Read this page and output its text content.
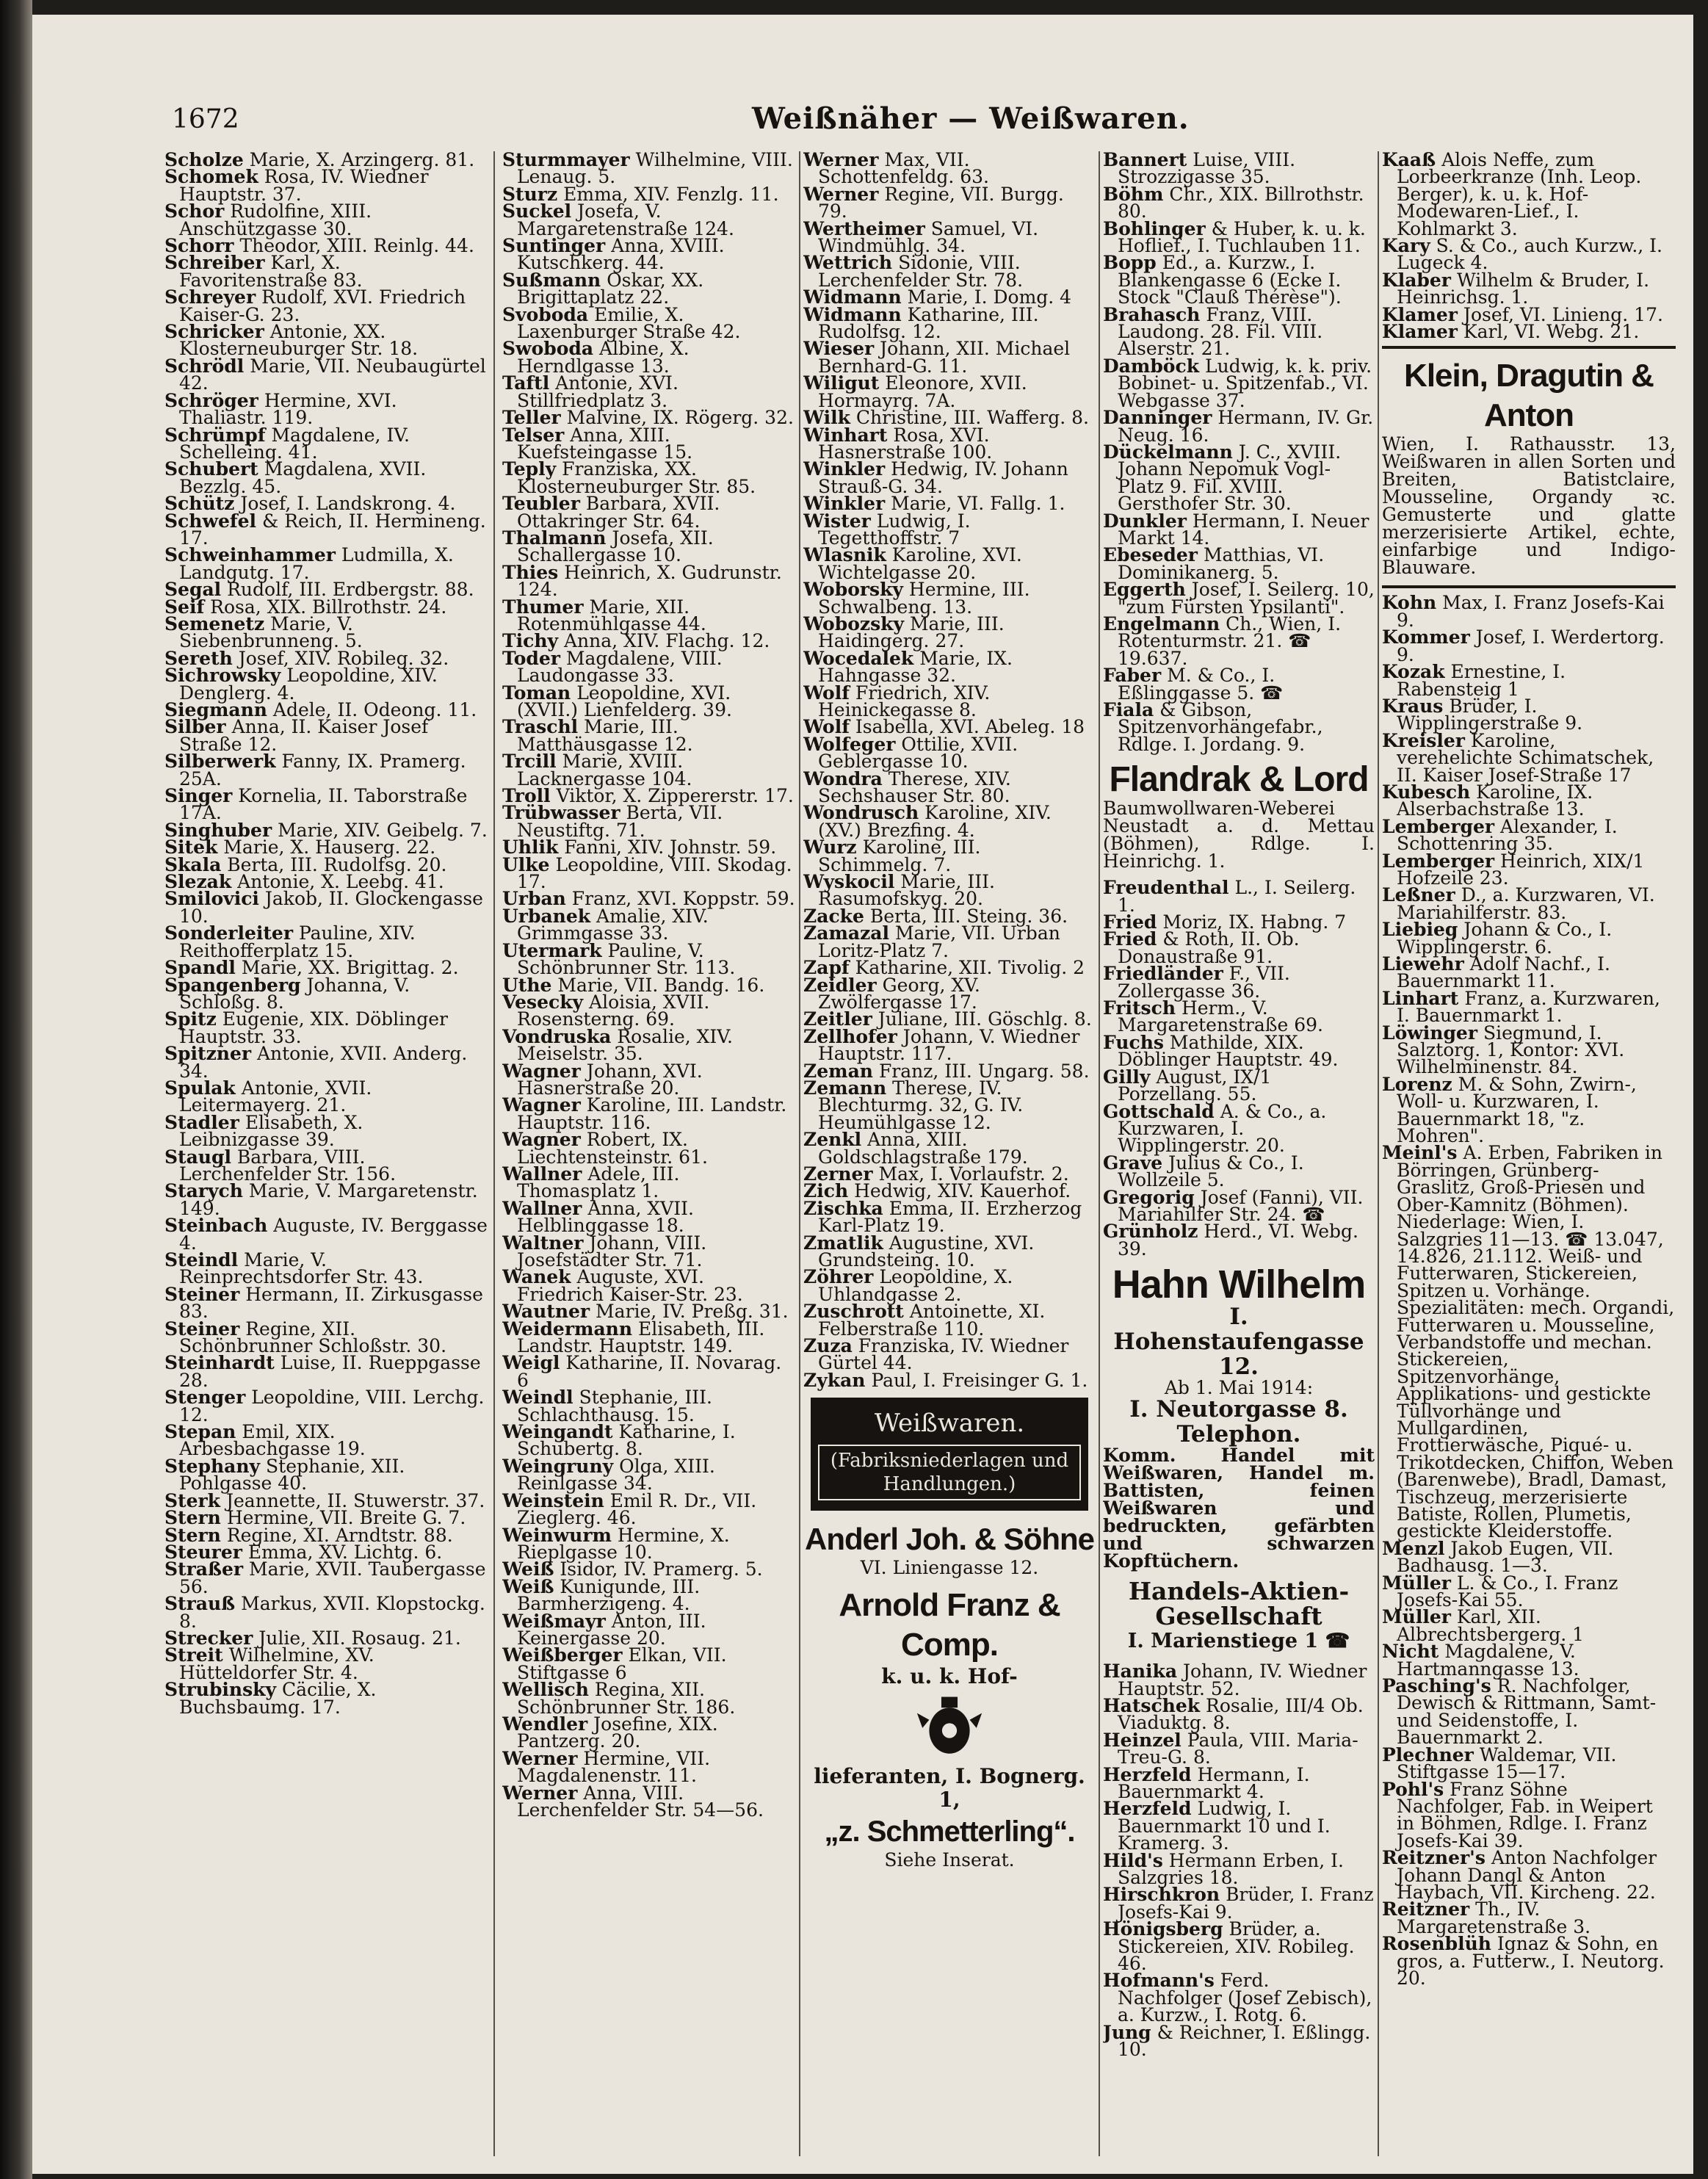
1672	Weißnäher — Weißwaren.

Scholze Marie, X. Arzingerg. 81.

Schomek Rosa, IV. Wiedner Hauptstr. 37.

Schor Rudolfine, XIII. Anschützgasse 30.

Schorr Theodor, XIII. Reinlg. 44.

Schreiber Karl, X. Favoritenstraße 83.

Schreyer Rudolf, XVI. Friedrich Kaiser-G. 23.

Schricker Antonie, XX. Klosterneuburger Str. 18.

Schrödl Marie, VII. Neubaugürtel 42.

Schröger Hermine, XVI. Thaliastr. 119.

Schrümpf Magdalene, IV. Schelleing. 41.

Schubert Magdalena, XVII. Bezzlg. 45.

Schütz Josef, I. Landskrong. 4.

Schwefel & Reich, II. Hermineng. 17.

Schweinhammer Ludmilla, X. Landgutg. 17.

Segal Rudolf, III. Erdbergstr. 88.

Seif Rosa, XIX. Billrothstr. 24.

Semenetz Marie, V. Siebenbrunneng. 5.

Sereth Josef, XIV. Robileg. 32.

Sichrowsky Leopoldine, XIV. Denglerg. 4.

Siegmann Adele, II. Odeong. 11.

Silber Anna, II. Kaiser Josef Straße 12.

Silberwerk Fanny, IX. Pramerg. 25A.

Singer Kornelia, II. Taborstraße 17A.

Singhuber Marie, XIV. Geibelg. 7.

Sitek Marie, X. Hauserg. 22.

Skala Berta, III. Rudolfsg. 20.

Slezak Antonie, X. Leebg. 41.

Smilovici Jakob, II. Glockengasse 10.

Sonderleiter Pauline, XIV. Reithofferplatz 15.

Spandl Marie, XX. Brigittag. 2.

Spangenberg Johanna, V. Schloßg. 8.

Spitz Eugenie, XIX. Döblinger Hauptstr. 33.

Spitzner Antonie, XVII. Anderg. 34.

Spulak Antonie, XVII. Leitermayerg. 21.

Stadler Elisabeth, X. Leibnizgasse 39.

Staugl Barbara, VIII. Lerchenfelder Str. 156.

Starych Marie, V. Margaretenstr. 149.

Steinbach Auguste, IV. Berggasse 4.

Steindl Marie, V. Reinprechtsdorfer Str. 43.

Steiner Hermann, II. Zirkusgasse 83.

Steiner Regine, XII. Schönbrunner Schloßstr. 30.

Steinhardt Luise, II. Rueppgasse 28.

Stenger Leopoldine, VIII. Lerchg. 12.

Stepan Emil, XIX. Arbesbachgasse 19.

Stephany Stephanie, XII. Pohlgasse 40.

Sterk Jeannette, II. Stuwerstr. 37.

Stern Hermine, VII. Breite G. 7.

Stern Regine, XI. Arndtstr. 88.

Steurer Emma, XV. Lichtg. 6.

Straßer Marie, XVII. Taubergasse 56.

Strauß Markus, XVII. Klopstockg. 8.

Strecker Julie, XII. Rosaug. 21.

Streit Wilhelmine, XV. Hütteldorfer Str. 4.

Strubinsky Cäcilie, X. Buchsbaumg. 17.

Sturmmayer Wilhelmine, VIII. Lenaug. 5.

Sturz Emma, XIV. Fenzlg. 11.

Suckel Josefa, V. Margaretenstraße 124.

Suntinger Anna, XVIII. Kutschkerg. 44.

Sußmann Oskar, XX. Brigittaplatz 22.

Svoboda Emilie, X. Laxenburger Straße 42.

Swoboda Albine, X. Herndlgasse 13.

Taftl Antonie, XVI. Stillfriedplatz 3.

Teller Malvine, IX. Rögerg. 32.

Telser Anna, XIII. Kuefsteingasse 15.

Teply Franziska, XX. Klosterneuburger Str. 85.

Teubler Barbara, XVII. Ottakringer Str. 64.

Thalmann Josefa, XII. Schallergasse 10.

Thies Heinrich, X. Gudrunstr. 124.

Thumer Marie, XII. Rotenmühlgasse 44.

Tichy Anna, XIV. Flachg. 12.

Toder Magdalene, VIII. Laudongasse 33.

Toman Leopoldine, XVI. (XVII.) Lienfelderg. 39.

Traschl Marie, III. Matthäusgasse 12.

Trcill Marie, XVIII. Lacknergasse 104.

Troll Viktor, X. Zippererstr. 17.

Trübwasser Berta, VII. Neustiftg. 71.

Uhlik Fanni, XIV. Johnstr. 59.

Ulke Leopoldine, VIII. Skodag. 17.

Urban Franz, XVI. Koppstr. 59.

Urbanek Amalie, XIV. Grimmgasse 33.

Utermark Pauline, V. Schönbrunner Str. 113.

Uthe Marie, VII. Bandg. 16.

Vesecky Aloisia, XVII. Rosensterng. 69.

Vondruska Rosalie, XIV. Meiselstr. 35.

Wagner Johann, XVI. Hasnerstraße 20.

Wagner Karoline, III. Landstr. Hauptstr. 116.

Wagner Robert, IX. Liechtensteinstr. 61.

Wallner Adele, III. Thomasplatz 1.

Wallner Anna, XVII. Helblinggasse 18.

Waltner Johann, VIII. Josefstädter Str. 71.

Wanek Auguste, XVI. Friedrich Kaiser-Str. 23.

Wautner Marie, IV. Preßg. 31.

Weidermann Elisabeth, III. Landstr. Hauptstr. 149.

Weigl Katharine, II. Novarag. 6

Weindl Stephanie, III. Schlachthausg. 15.

Weingandt Katharine, I. Schubertg. 8.

Weingruny Olga, XIII. Reinlgasse 34.

Weinstein Emil R. Dr., VII. Zieglerg. 46.

Weinwurm Hermine, X. Rieplgasse 10.

Weiß Isidor, IV. Pramerg. 5.

Weiß Kunigunde, III. Barmherzigeng. 4.

Weißmayr Anton, III. Keinergasse 20.

Weißberger Elkan, VII. Stiftgasse 6

Wellisch Regina, XII. Schönbrunner Str. 186.

Wendler Josefine, XIX. Pantzerg. 20.

Werner Hermine, VII. Magdalenenstr. 11.

Werner Anna, VIII. Lerchenfelder Str. 54—56.

Werner Max, VII. Schottenfeldg. 63.

Werner Regine, VII. Burgg. 79.

Wertheimer Samuel, VI. Windmühlg. 34.

Wettrich Sidonie, VIII. Lerchenfelder Str. 78.

Widmann Marie, I. Domg. 4

Widmann Katharine, III. Rudolfsg. 12.

Wieser Johann, XII. Michael Bernhard-G. 11.

Wiligut Eleonore, XVII. Hormayrg. 7A.

Wilk Christine, III. Wafferg. 8.

Winhart Rosa, XVI. Hasnerstraße 100.

Winkler Hedwig, IV. Johann Strauß-G. 34.

Winkler Marie, VI. Fallg. 1.

Wister Ludwig, I. Tegetthoffstr. 7

Wlasnik Karoline, XVI. Wichtelgasse 20.

Woborsky Hermine, III. Schwalbeng. 13.

Wobozsky Marie, III. Haidingerg. 27.

Wocedalek Marie, IX. Hahngasse 32.

Wolf Friedrich, XIV. Heinickegasse 8.

Wolf Isabella, XVI. Abeleg. 18

Wolfeger Ottilie, XVII. Geblergasse 10.

Wondra Therese, XIV. Sechshauser Str. 80.

Wondrusch Karoline, XIV. (XV.) Brezfing. 4.

Wurz Karoline, III. Schimmelg. 7.

Wyskocil Marie, III. Rasumofskyg. 20.

Zacke Berta, III. Steing. 36.

Zamazal Marie, VII. Urban Loritz-Platz 7.

Zapf Katharine, XII. Tivolig. 2

Zeidler Georg, XV. Zwölfergasse 17.

Zeitler Juliane, III. Göschlg. 8.

Zellhofer Johann, V. Wiedner Hauptstr. 117.

Zeman Franz, III. Ungarg. 58.

Zemann Therese, IV. Blechturmg. 32, G. IV. Heumühlgasse 12.

Zenkl Anna, XIII. Goldschlagstraße 179.

Zerner Max, I. Vorlaufstr. 2.

Zich Hedwig, XIV. Kauerhof.

Zischka Emma, II. Erzherzog Karl-Platz 19.

Zmatlik Augustine, XVI. Grundsteing. 10.

Zöhrer Leopoldine, X. Uhlandgasse 2.

Zuschrott Antoinette, XI. Felberstraße 110.

Zuza Franziska, IV. Wiedner Gürtel 44.

Zykan Paul, I. Freisinger G. 1.

Weißwaren.
(Fabriksniederlagen und Handlungen.)
Anderl Joh. & Söhne
VI. Liniengasse 12.
Arnold Franz & Comp.
k. u. k. Hof-
lieferanten, I. Bognerg. 1,
„z. Schmetterling“.
Siehe Inserat.

Bannert Luise, VIII. Strozzigasse 35.

Böhm Chr., XIX. Billrothstr. 80.

Bohlinger & Huber, k. u. k. Hoflief., I. Tuchlauben 11.

Bopp Ed., a. Kurzw., I. Blankengasse 6 (Ecke I. Stock "Clauß Thérèse").

Brahasch Franz, VIII. Laudong. 28. Fil. VIII. Alserstr. 21.

Damböck Ludwig, k. k. priv. Bobinet- u. Spitzenfab., VI. Webgasse 37.

Danninger Hermann, IV. Gr. Neug. 16.

Dückelmann J. C., XVIII. Johann Nepomuk Vogl-Platz 9. Fil. XVIII. Gersthofer Str. 30.

Dunkler Hermann, I. Neuer Markt 14.

Ebeseder Matthias, VI. Dominikanerg. 5.

Eggerth Josef, I. Seilerg. 10, "zum Fürsten Ypsilanti".

Engelmann Ch., Wien, I. Rotenturmstr. 21. ☎ 19.637.

Faber M. & Co., I. Eßlinggasse 5. ☎

Fiala & Gibson, Spitzenvorhängefabr., Rdlge. I. Jordang. 9.

Flandrak & Lord
Baumwollwaren-Weberei Neustadt a. d. Mettau (Böhmen), Rdlge. I. Heinrichg. 1.

Freudenthal L., I. Seilerg. 1.

Fried Moriz, IX. Habng. 7

Fried & Roth, II. Ob. Donaustraße 91.

Friedländer F., VII. Zollergasse 36.

Fritsch Herm., V. Margaretenstraße 69.

Fuchs Mathilde, XIX. Döblinger Hauptstr. 49.

Gilly August, IX/1 Porzellang. 55.

Gottschald A. & Co., a. Kurzwaren, I. Wipplingerstr. 20.

Grave Julius & Co., I. Wollzeile 5.

Gregorig Josef (Fanni), VII. Mariahilfer Str. 24. ☎

Grünholz Herd., VI. Webg. 39.

Hahn Wilhelm
I. Hohenstaufengasse 12.
Ab 1. Mai 1914:
I. Neutorgasse 8. Telephon.
Komm. Handel mit Weißwaren, Handel m. Battisten, feinen Weißwaren und bedruckten, gefärbten und schwarzen Kopftüchern.
Handels-Aktien-Gesellschaft
I. Marienstiege 1 ☎

Hanika Johann, IV. Wiedner Hauptstr. 52.

Hatschek Rosalie, III/4 Ob. Viaduktg. 8.

Heinzel Paula, VIII. Maria-Treu-G. 8.

Herzfeld Hermann, I. Bauernmarkt 4.

Herzfeld Ludwig, I. Bauernmarkt 10 und I. Kramerg. 3.

Hild's Hermann Erben, I. Salzgries 18.

Hirschkron Brüder, I. Franz Josefs-Kai 9.

Hönigsberg Brüder, a. Stickereien, XIV. Robileg. 46.

Hofmann's Ferd. Nachfolger (Josef Zebisch), a. Kurzw., I. Rotg. 6.

Jung & Reichner, I. Eßlingg. 10.

Kaaß Alois Neffe, zum Lorbeerkranze (Inh. Leop. Berger), k. u. k. Hof-Modewaren-Lief., I. Kohlmarkt 3.

Kary S. & Co., auch Kurzw., I. Lugeck 4.

Klaber Wilhelm & Bruder, I. Heinrichsg. 1.

Klamer Josef, VI. Linieng. 17.

Klamer Karl, VI. Webg. 21.

Klein, Dragutin & Anton
Wien, I. Rathausstr. 13, Weißwaren in allen Sorten und Breiten, Batistclaire, Mousseline, Organdy ꝛc. Gemusterte und glatte merzerisierte Artikel, echte, einfarbige und Indigo-Blauware.

Kohn Max, I. Franz Josefs-Kai 9.

Kommer Josef, I. Werdertorg. 9.

Kozak Ernestine, I. Rabensteig 1

Kraus Brüder, I. Wipplingerstraße 9.

Kreisler Karoline, verehelichte Schimatschek, II. Kaiser Josef-Straße 17

Kubesch Karoline, IX. Alserbachstraße 13.

Lemberger Alexander, I. Schottenring 35.

Lemberger Heinrich, XIX/1 Hofzeile 23.

Leßner D., a. Kurzwaren, VI. Mariahilferstr. 83.

Liebieg Johann & Co., I. Wipplingerstr. 6.

Liewehr Adolf Nachf., I. Bauernmarkt 11.

Linhart Franz, a. Kurzwaren, I. Bauernmarkt 1.

Löwinger Siegmund, I. Salztorg. 1, Kontor: XVI. Wilhelminenstr. 84.

Lorenz M. & Sohn, Zwirn-, Woll- u. Kurzwaren, I. Bauernmarkt 18, "z. Mohren".

Meinl's A. Erben, Fabriken in Börringen, Grünberg-Graslitz, Groß-Priesen und Ober-Kamnitz (Böhmen). Niederlage: Wien, I. Salzgries 11—13. ☎ 13.047, 14.826, 21.112. Weiß- und Futterwaren, Stickereien, Spitzen u. Vorhänge. Spezialitäten: mech. Organdi, Futterwaren u. Mousseline, Verbandstoffe und mechan. Stickereien, Spitzenvorhänge, Applikations- und gestickte Tüllvorhänge und Mullgardinen, Frottierwäsche, Piqué- u. Trikotdecken, Chiffon, Weben (Barenwebe), Bradl, Damast, Tischzeug, merzerisierte Batiste, Rollen, Plumetis, gestickte Kleiderstoffe.

Menzl Jakob Eugen, VII. Badhausg. 1—3.

Müller L. & Co., I. Franz Josefs-Kai 55.

Müller Karl, XII. Albrechtsbergerg. 1

Nicht Magdalene, V. Hartmanngasse 13.

Pasching's R. Nachfolger, Dewisch & Rittmann, Samt- und Seidenstoffe, I. Bauernmarkt 2.

Plechner Waldemar, VII. Stiftgasse 15—17.

Pohl's Franz Söhne Nachfolger, Fab. in Weipert in Böhmen, Rdlge. I. Franz Josefs-Kai 39.

Reitzner's Anton Nachfolger Johann Dangl & Anton Haybach, VII. Kircheng. 22.

Reitzner Th., IV. Margaretenstraße 3.

Rosenblüh Ignaz & Sohn, en gros, a. Futterw., I. Neutorg. 20.
